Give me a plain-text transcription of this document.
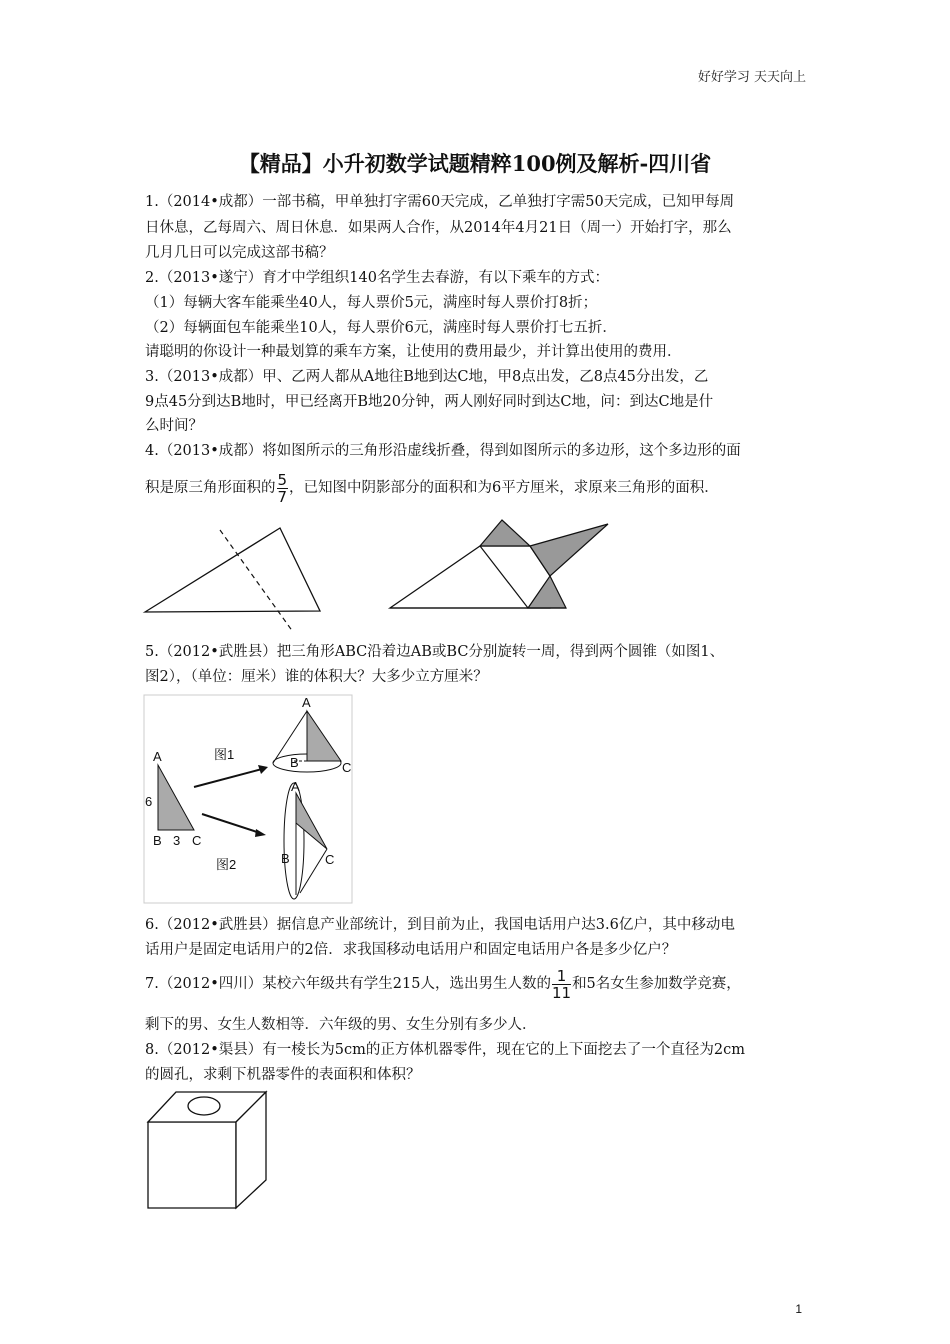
好好学习 天天向上
【精品】小升初数学试题精粹100例及解析-四川省
1.（2014•成都）一部书稿，甲单独打字需60天完成，乙单独打字需50天完成，已知甲每周
日休息，乙每周六、周日休息．如果两人合作，从2014年4月21日（周一）开始打字，那么
几月几日可以完成这部书稿？
2.（2013•遂宁）育才中学组织140名学生去春游，有以下乘车的方式：
（1）每辆大客车能乘坐40人，每人票价5元，满座时每人票价打8折；
（2）每辆面包车能乘坐10人，每人票价6元，满座时每人票价打七五折．
请聪明的你设计一种最划算的乘车方案，让使用的费用最少，并计算出使用的费用．
3.（2013•成都）甲、乙两人都从A地往B地到达C地，甲8点出发，乙8点45分出发，乙
9点45分到达B地时，甲已经离开B地20分钟，两人刚好同时到达C地，问：到达C地是什
么时间？
4.（2013•成都）将如图所示的三角形沿虚线折叠，得到如图所示的多边形，这个多边形的面
积是原三角形面积的 $\frac{5}{7}$ ，已知图中阴影部分的面积和为6平方厘米，求原来三角形的面积．
5.（2012•武胜县）把三角形ABC沿着边AB或BC分别旋转一周，得到两个圆锥（如图1、
图2），（单位：厘米）谁的体积大？大多少立方厘米？
A
6
B 3 C
图1
图2
A
B	C
A
B	C
6.（2012•武胜县）据信息产业部统计，到目前为止，我国电话用户达3.6亿户，其中移动电
话用户是固定电话用户的2倍．求我国移动电话用户和固定电话用户各是多少亿户？
7.（2012•四川）某校六年级共有学生215人，选出男生人数的 $\frac{1}{11}$ 和5名女生参加数学竞赛，
剩下的男、女生人数相等．六年级的男、女生分别有多少人．
8.（2012•渠县）有一棱长为5cm的正方体机器零件，现在它的上下面挖去了一个直径为2cm
的圆孔，求剩下机器零件的表面积和体积？
1
